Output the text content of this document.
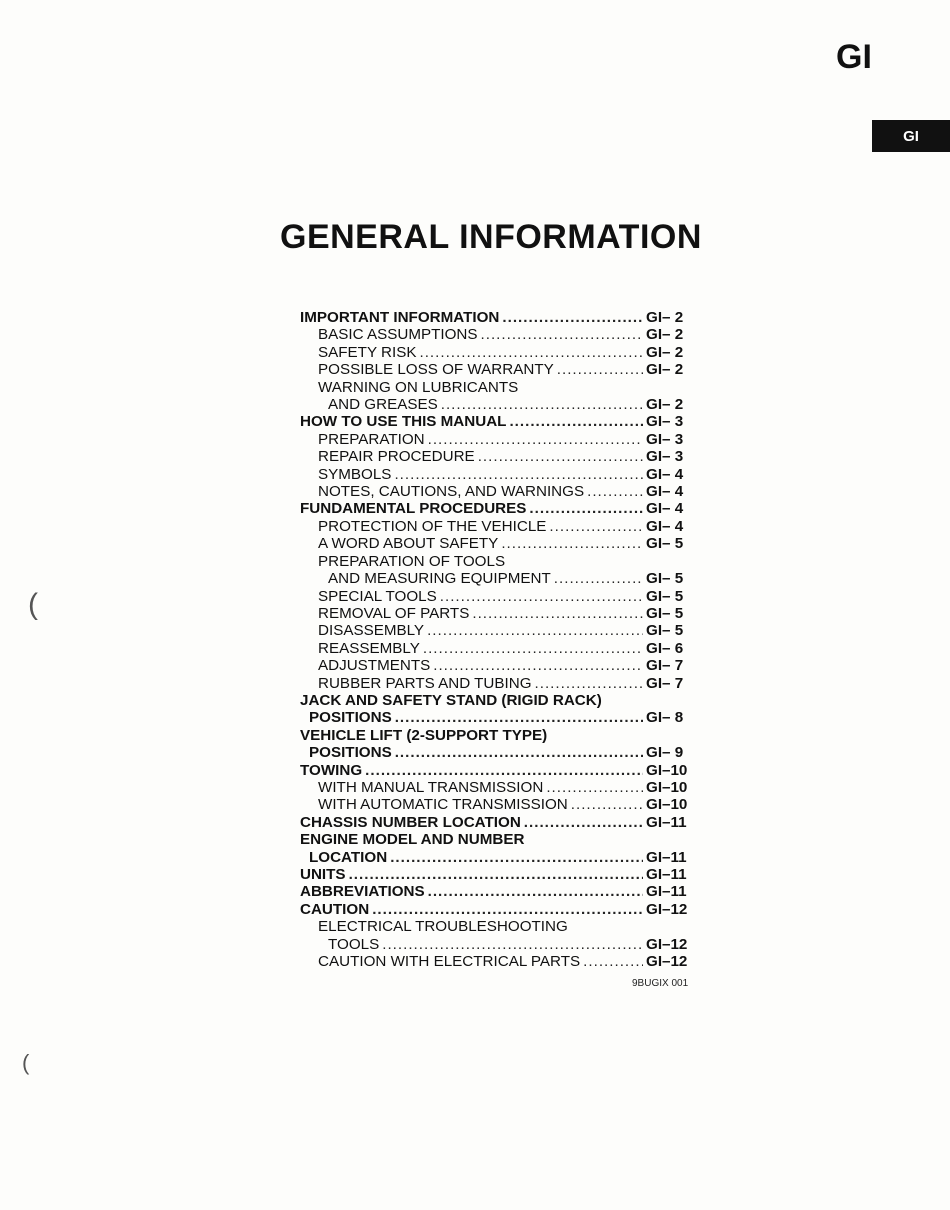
GI
GI
(
(
GENERAL INFORMATION
IMPORTANT INFORMATION .....	GI– 2
BASIC ASSUMPTIONS .....	GI– 2
SAFETY RISK .....	GI– 2
POSSIBLE LOSS OF WARRANTY .....	GI– 2
WARNING ON LUBRICANTS
AND GREASES .....	GI– 2
HOW TO USE THIS MANUAL .....	GI– 3
PREPARATION .....	GI– 3
REPAIR PROCEDURE .....	GI– 3
SYMBOLS .....	GI– 4
NOTES, CAUTIONS, AND WARNINGS .....	GI– 4
FUNDAMENTAL PROCEDURES .....	GI– 4
PROTECTION OF THE VEHICLE .....	GI– 4
A WORD ABOUT SAFETY .....	GI– 5
PREPARATION OF TOOLS
AND MEASURING EQUIPMENT .....	GI– 5
SPECIAL TOOLS .....	GI– 5
REMOVAL OF PARTS .....	GI– 5
DISASSEMBLY .....	GI– 5
REASSEMBLY .....	GI– 6
ADJUSTMENTS .....	GI– 7
RUBBER PARTS AND TUBING .....	GI– 7
JACK AND SAFETY STAND (RIGID RACK)
POSITIONS .....	GI– 8
VEHICLE LIFT (2-SUPPORT TYPE)
POSITIONS .....	GI– 9
TOWING .....	GI–10
WITH MANUAL TRANSMISSION .....	GI–10
WITH AUTOMATIC TRANSMISSION .....	GI–10
CHASSIS NUMBER LOCATION .....	GI–11
ENGINE MODEL AND NUMBER
LOCATION .....	GI–11
UNITS .....	GI–11
ABBREVIATIONS .....	GI–11
CAUTION .....	GI–12
ELECTRICAL TROUBLESHOOTING
TOOLS .....	GI–12
CAUTION WITH ELECTRICAL PARTS .....	GI–12
9BUGIX 001
